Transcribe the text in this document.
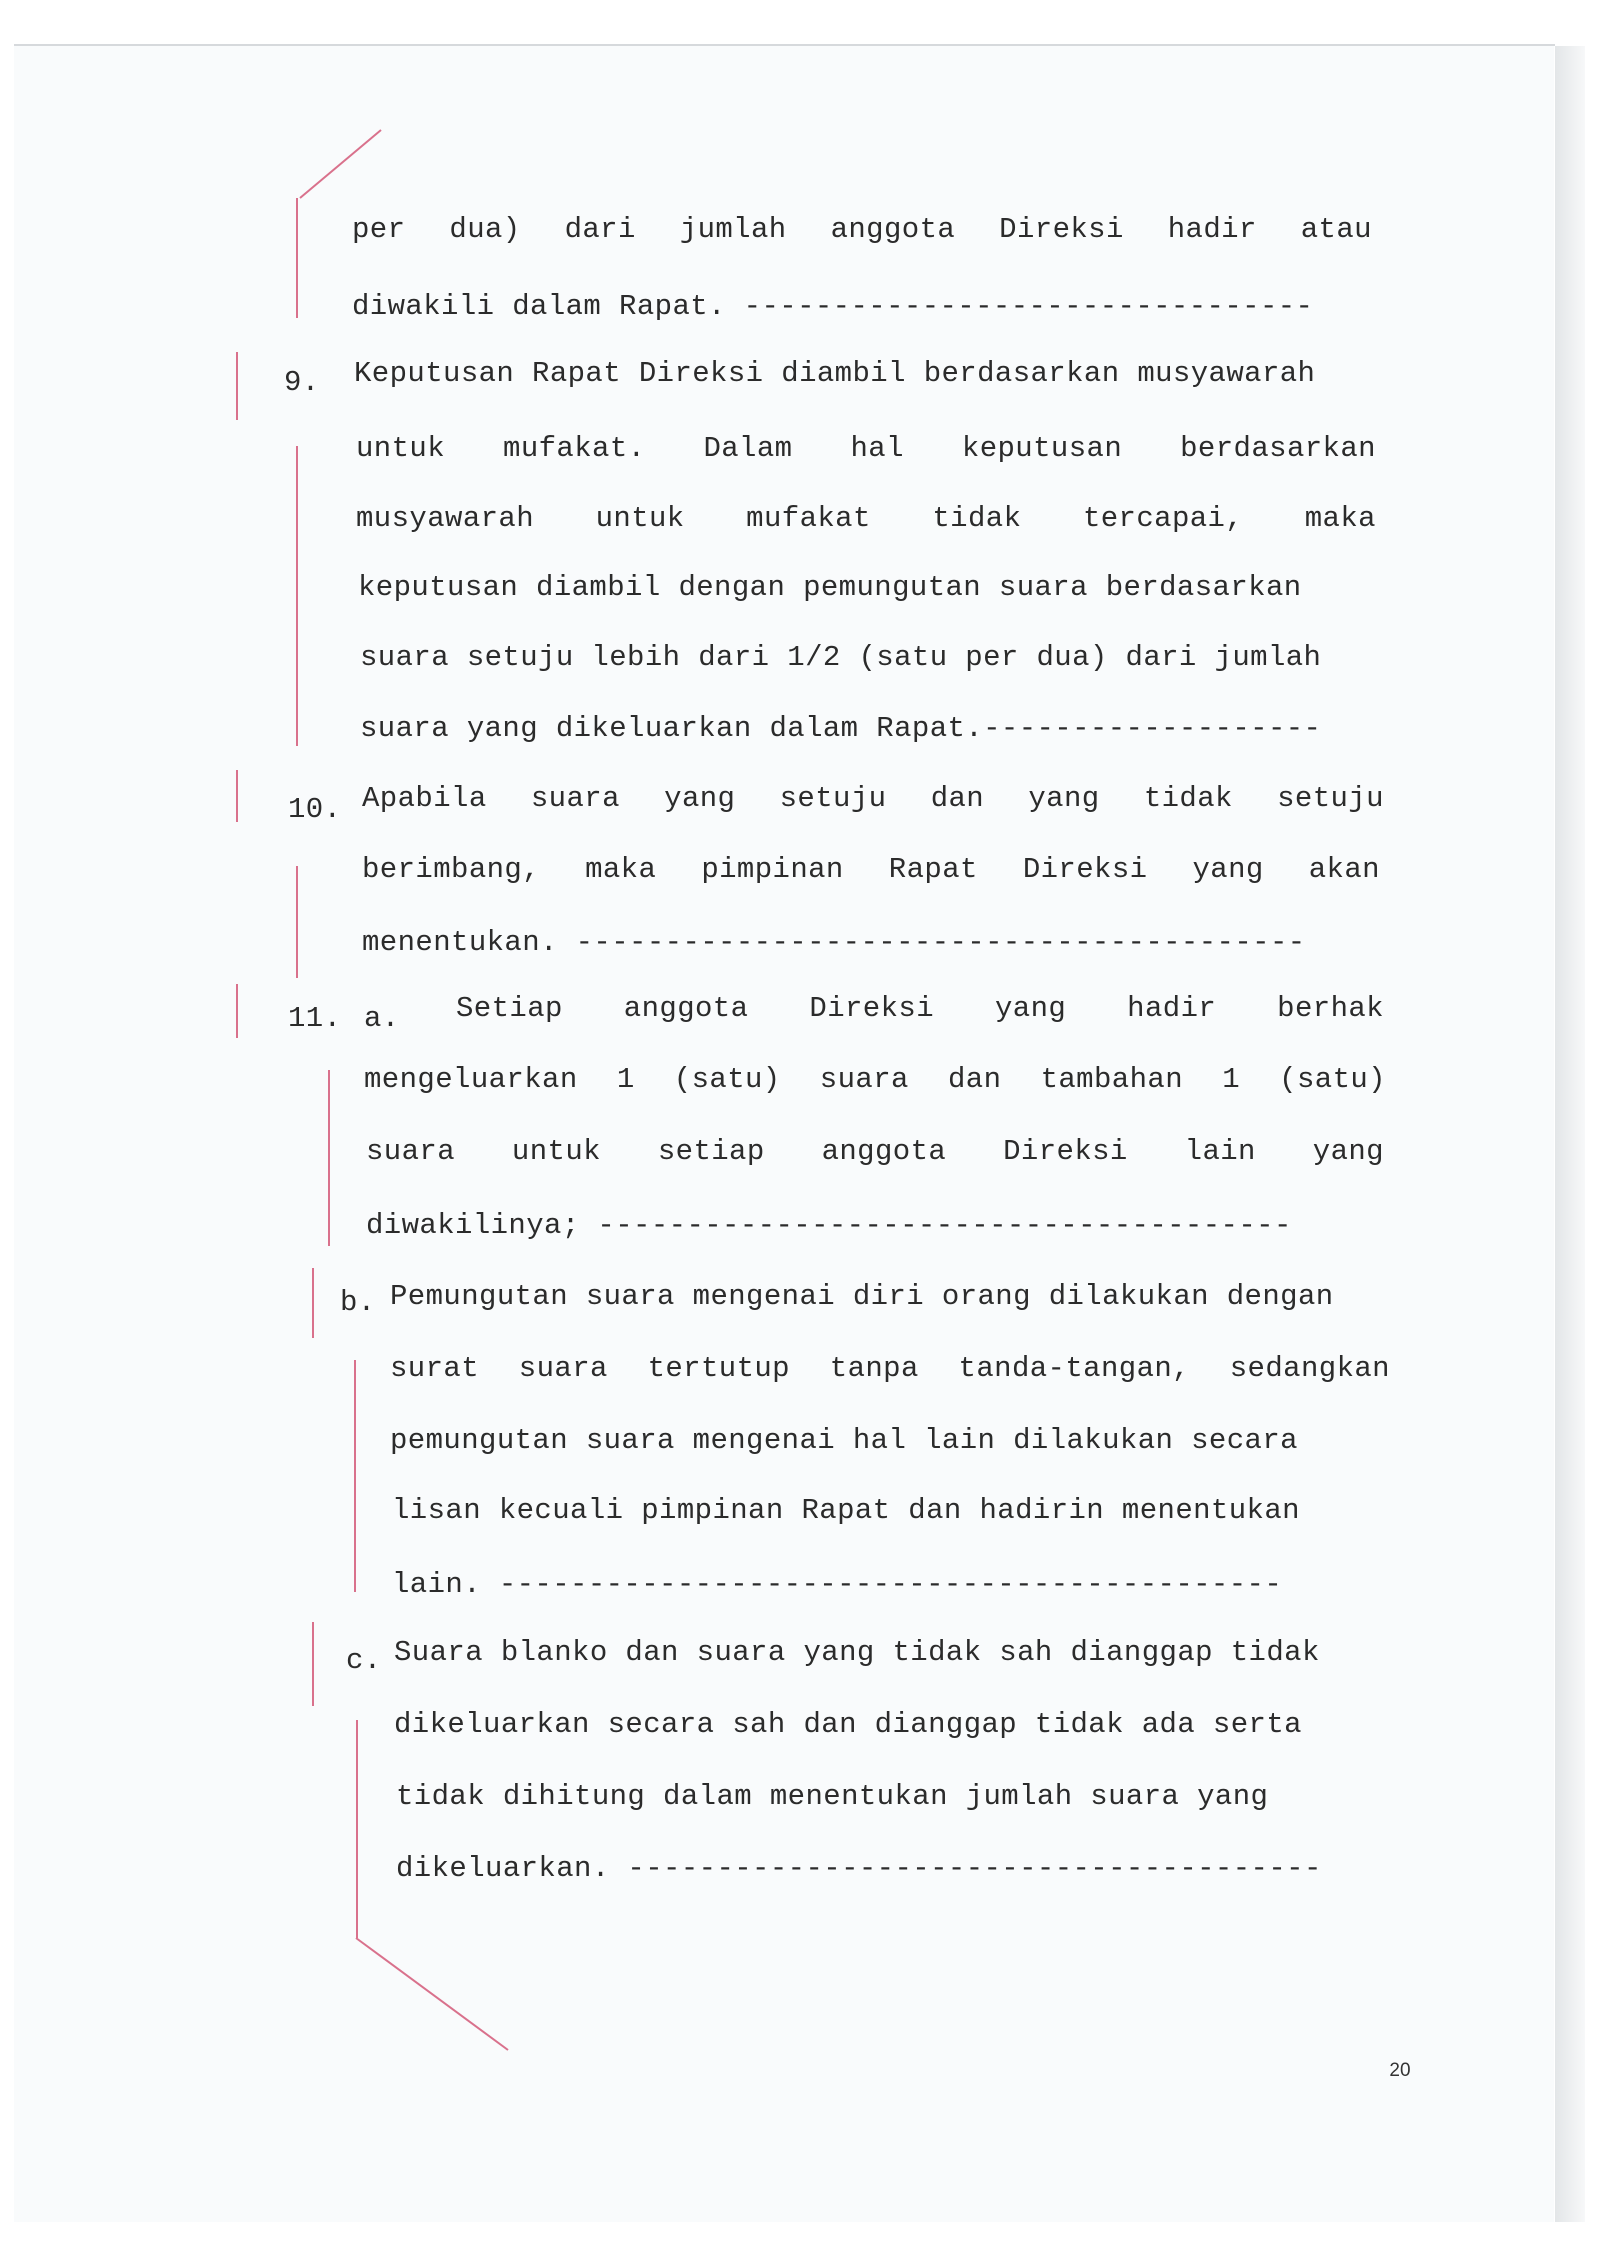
per dua) dari jumlah anggota Direksi hadir atau
diwakili dalam Rapat. --------------------------------
9. Keputusan Rapat Direksi diambil berdasarkan musyawarah
untuk mufakat. Dalam hal keputusan berdasarkan
musyawarah untuk mufakat tidak tercapai, maka
keputusan diambil dengan pemungutan suara berdasarkan
suara setuju lebih dari 1/2 (satu per dua) dari jumlah
suara yang dikeluarkan dalam Rapat.-------------------
10. Apabila suara yang setuju dan yang tidak setuju
berimbang, maka pimpinan Rapat Direksi yang akan
menentukan. -----------------------------------------
11. a. Setiap anggota Direksi yang hadir berhak
mengeluarkan 1 (satu) suara dan tambahan 1 (satu)
suara untuk setiap anggota Direksi lain yang
diwakilinya; ---------------------------------------
b. Pemungutan suara mengenai diri orang dilakukan dengan
surat suara tertutup tanpa tanda-tangan, sedangkan
pemungutan suara mengenai hal lain dilakukan secara
lisan kecuali pimpinan Rapat dan hadirin menentukan
lain. --------------------------------------------
c. Suara blanko dan suara yang tidak sah dianggap tidak
dikeluarkan secara sah dan dianggap tidak ada serta
tidak dihitung dalam menentukan jumlah suara yang
dikeluarkan. ---------------------------------------
20
